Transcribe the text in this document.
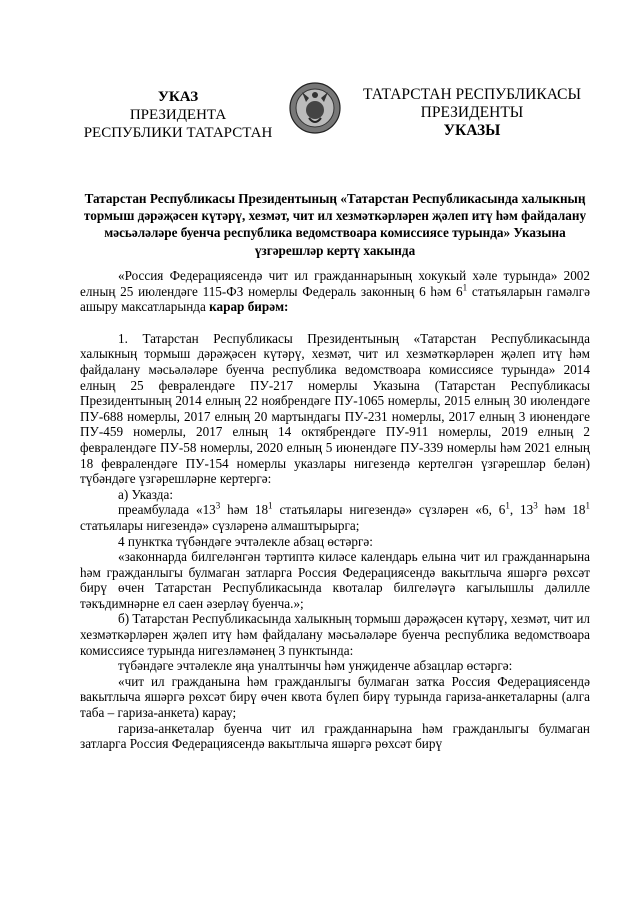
УКАЗ
ПРЕЗИДЕНТА
РЕСПУБЛИКИ ТАТАРСТАН
ТАТАРСТАН РЕСПУБЛИКАСЫ
ПРЕЗИДЕНТЫ
УКАЗЫ
Татарстан Республикасы Президентының «Татарстан Республикасында халыкның тормыш дәрәҗәсен күтәрү, хезмәт, чит ил хезмәткәрләрен җәлеп итү һәм файдалану мәсьәләләре буенча республика ведомствоара комиссиясе турында» Указына үзгәрешләр кертү хакында

«Россия Федерациясендә чит ил гражданнарының хокукый хәле турында» 2002 елның 25 июлендәге 115-ФЗ номерлы Федераль законның 6 һәм $6^1$ статьяларын гамәлгә ашыру максатларында карар бирәм:

1. Татарстан Республикасы Президентының «Татарстан Республикасында халыкның тормыш дәрәҗәсен күтәрү, хезмәт, чит ил хезмәткәрләрен җәлеп итү һәм файдалану мәсьәләләре буенча республика ведомствоара комиссиясе турында» 2014 елның 25 февралендәге ПУ-217 номерлы Указына (Татарстан Республикасы Президентының 2014 елның 22 ноябрендәге ПУ-1065 номерлы, 2015 елның 30 июлендәге ПУ-688 номерлы, 2017 елның 20 мартындагы ПУ-231 номерлы, 2017 елның 3 июнендәге ПУ-459 номерлы, 2017 елның 14 октябрендәге ПУ-911 номерлы, 2019 елның 2 февралендәге ПУ-58 номерлы, 2020 елның 5 июнендәге ПУ-339 номерлы һәм 2021 елның 18 февралендәге ПУ-154 номерлы указлары нигезендә кертелгән үзгәрешләр белән) түбәндәге үзгәрешләрне кертергә:

а) Указда:

преамбулада «$13^3$ һәм $18^1$ статьялары нигезендә» сүзләрен «6, $6^1$, $13^3$ һәм $18^1$ статьялары нигезендә» сүзләренә алмаштырырга;

4 пунктка түбәндәге эчтәлекле абзац өстәргә:

«законнарда билгеләнгән тәртиптә киләсе календарь елына чит ил гражданнарына һәм гражданлыгы булмаган затларга Россия Федерациясендә вакытлыча яшәргә рөхсәт бирү өчен Татарстан Республикасында квоталар билгеләүгә кагылышлы дәлилле тәкъдимнәрне ел саен әзерләү буенча.»;

б) Татарстан Республикасында халыкның тормыш дәрәҗәсен күтәрү, хезмәт, чит ил хезмәткәрләрен җәлеп итү һәм файдалану мәсьәләләре буенча республика ведомствоара комиссиясе турында нигезләмәнең 3 пунктында:

түбәндәге эчтәлекле яңа уналтынчы һәм унҗиденче абзацлар өстәргә:

«чит ил гражданына һәм гражданлыгы булмаган затка Россия Федерациясендә вакытлыча яшәргә рөхсәт бирү өчен квота бүлеп бирү турында гариза-анкеталарны (алга таба – гариза-анкета) карау;

гариза-анкеталар буенча чит ил гражданнарына һәм гражданлыгы булмаган затларга Россия Федерациясендә вакытлыча яшәргә рөхсәт бирү
